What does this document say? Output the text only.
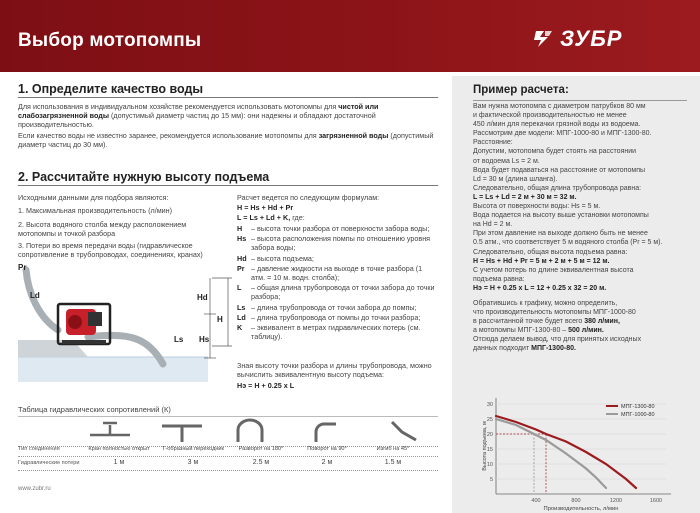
Выбор мотопомпы	ЗУБР
1. Определите качество воды
Для использования в индивидуальном хозяйстве рекомендуется использовать мотопомпы для чистой или слабозагрязненной воды (допустимый диаметр частиц до 15 мм): они надежны и обладают достаточной производительностью.
Если качество воды не известно заранее, рекомендуется использование мотопомпы для загрязненной воды (допустимый диаметр частиц до 30 мм).
2. Рассчитайте нужную высоту подъема
Исходными данными для подбора являются:
1. Максимальная производительность (л/мин)
2. Высота водяного столба между расположением мотопомпы и точкой разбора
3. Потери во время передачи воды (гидравлическое сопротивление в трубопроводах, соединениях, кранах)
Pr
Ld
Ls
Hd
H
Hs
Расчет ведется по следующим формулам:
H = Hs + Hd + Pr
L = Ls + Ld + K, где:
H	– высота точки разбора от поверхности забора воды;
Hs – высота расположения помпы по отношению уровня забора воды;
Hd – высота подъема;
Pr – давление жидкости на выходе в точке разбора (1 атм. = 10 м. водн. столба);
L	– общая длина трубопровода от точки забора до точки разбора;
Ls – длина трубопровода от точки забора до помпы;
Ld – длина трубопровода от помпы до точки разбора;
K	– эквивалент в метрах гидравлических потерь (см. таблицу).
Зная высоту точки разбора и длины трубопровода, можно вычислить эквивалентную высоту подъема:
Hэ = H + 0.25 x L
Таблица гидравлических сопротивлений (К)
Тип соединения	Кран полностью открыт	Т-образный переходник	Разворот на 180°	Поворот на 90°	Изгиб на 45°
Гидравлические потери	1 м	3 м	2.5 м	2 м	1.5 м
www.zubr.ru
Пример расчета:
Вам нужна мотопомпа с диаметром патрубков 80 мм
и фактической производительностью не менее
450 л/мин для перекачки грязной воды из водоема.
Рассмотрим две модели: МПГ-1000-80 и МПГ-1300-80.
Расстояние:
Допустим, мотопомпа будет стоять на расстоянии
от водоема Ls = 2 м.
Вода будет подаваться на расстояние от мотопомпы
Ld = 30 м (длина шланга).
Следовательно, общая длина трубопровода равна:
L = Ls + Ld = 2 м + 30 м = 32 м.
Высота от поверхности воды: Hs = 5 м.
Вода подается на высоту выше установки мотопомпы
на Hd = 2 м.
При этом давление на выходе должно быть не менее
0.5 атм., что соответствует 5 м водяного столба (Pr = 5 м).
Следовательно, общая высота подъема равна:
H = Hs + Hd + Pr = 5 м + 2 м + 5 м = 12 м.
С учетом потерь по длине эквивалентная высота
подъема равна:
Hэ = H + 0.25 x L = 12 + 0.25 x 32 = 20 м.
Обратившись к графику, можно определить,
что производительность мотопомпы МПГ-1000-80
в рассчитанной точке будет всего 380 л/мин,
а мотопомпы МПГ-1300-80 – 500 л/мин.
Отсюда делаем вывод, что для принятых исходных
данных подходит МПГ-1300-80.
30
25
20
15
10
5
400	800	1200	1600
Производительность, л/мин
Высота подъема, м
МПГ-1300-80
МПГ-1000-80
